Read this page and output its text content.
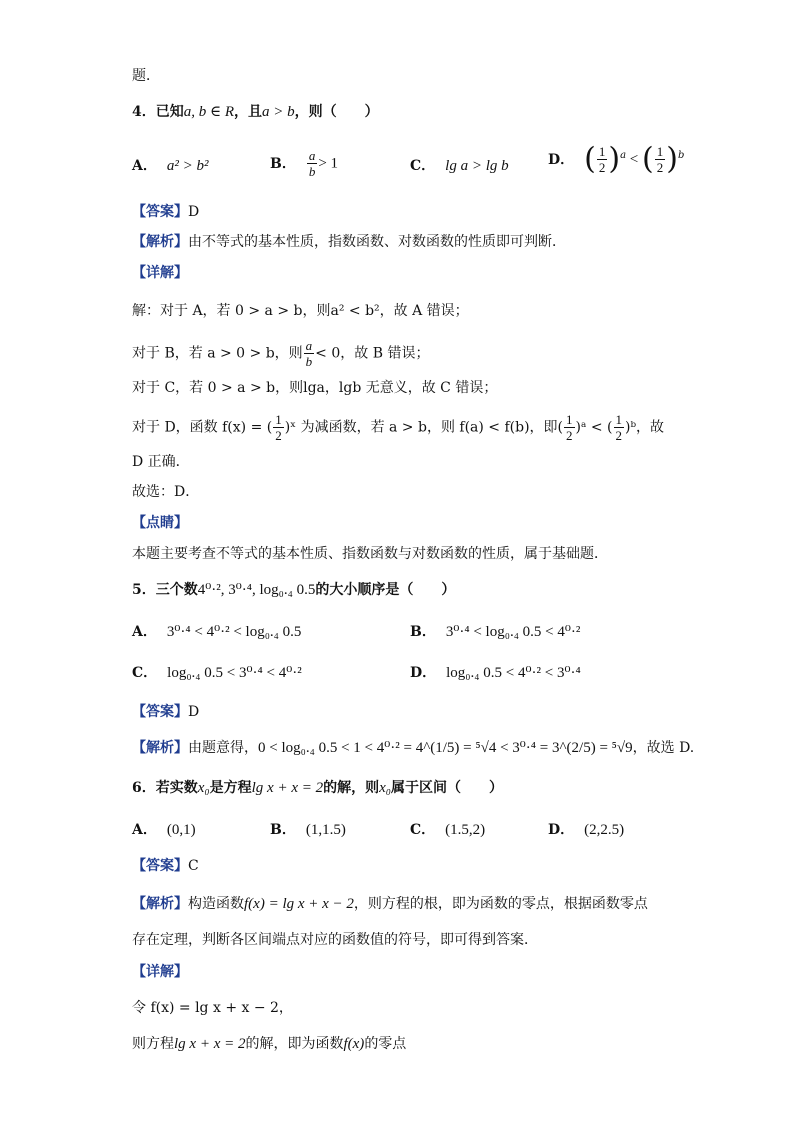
题．
4．已知a, b ∈ R，且a > b，则（　　）
A． a² > b²	B． $\frac{a}{b} > 1$	C． lg a > lg b	D． ( $\frac{1}{2} )^a$ < ( $\frac{1}{2} )^b$
【答案】D
【解析】由不等式的基本性质，指数函数、对数函数的性质即可判断．
【详解】
解：对于 A，若 0 > a > b，则a² < b²，故 A 错误；
对于 B，若 a > 0 > b，则 $\frac{a}{b} < 0$，故 B 错误；
对于 C，若 0 > a > b，则lga，lgb 无意义，故 C 错误；
对于 D，函数 f(x) = ( $\frac{1}{2}$ )ˣ 为减函数，若 a > b，则 f(a) < f(b)，即( $\frac{1}{2}$ )ᵃ < ( $\frac{1}{2}$ )ᵇ，故
D 正确．
故选：D．
【点睛】
本题主要考查不等式的基本性质、指数函数与对数函数的性质，属于基础题．
5．三个数4⁰·², 3⁰·⁴, log₀.₄ 0.5的大小顺序是（　　）
A． 3⁰·⁴ < 4⁰·² < log₀.₄ 0.5	B． 3⁰·⁴ < log₀.₄ 0.5 < 4⁰·²
C． log₀.₄ 0.5 < 3⁰·⁴ < 4⁰·²	D． log₀.₄ 0.5 < 4⁰·² < 3⁰·⁴
【答案】D
【解析】由题意得，0 < log₀.₄ 0.5 < 1 < 4⁰·² = 4^(1/5) = ⁵√4 < 3⁰·⁴ = 3^(2/5) = ⁵√9，故选 D.
6．若实数x₀是方程lg x + x = 2的解，则x₀属于区间（　　）
A． (0,1)	B． (1,1.5)	C． (1.5,2)	D． (2,2.5)
【答案】C
【解析】构造函数f(x) = lg x + x − 2，则方程的根，即为函数的零点，根据函数零点
存在定理，判断各区间端点对应的函数值的符号，即可得到答案．
【详解】
令 f(x) = lg x + x − 2，
则方程lg x + x = 2的解，即为函数f(x)的零点
